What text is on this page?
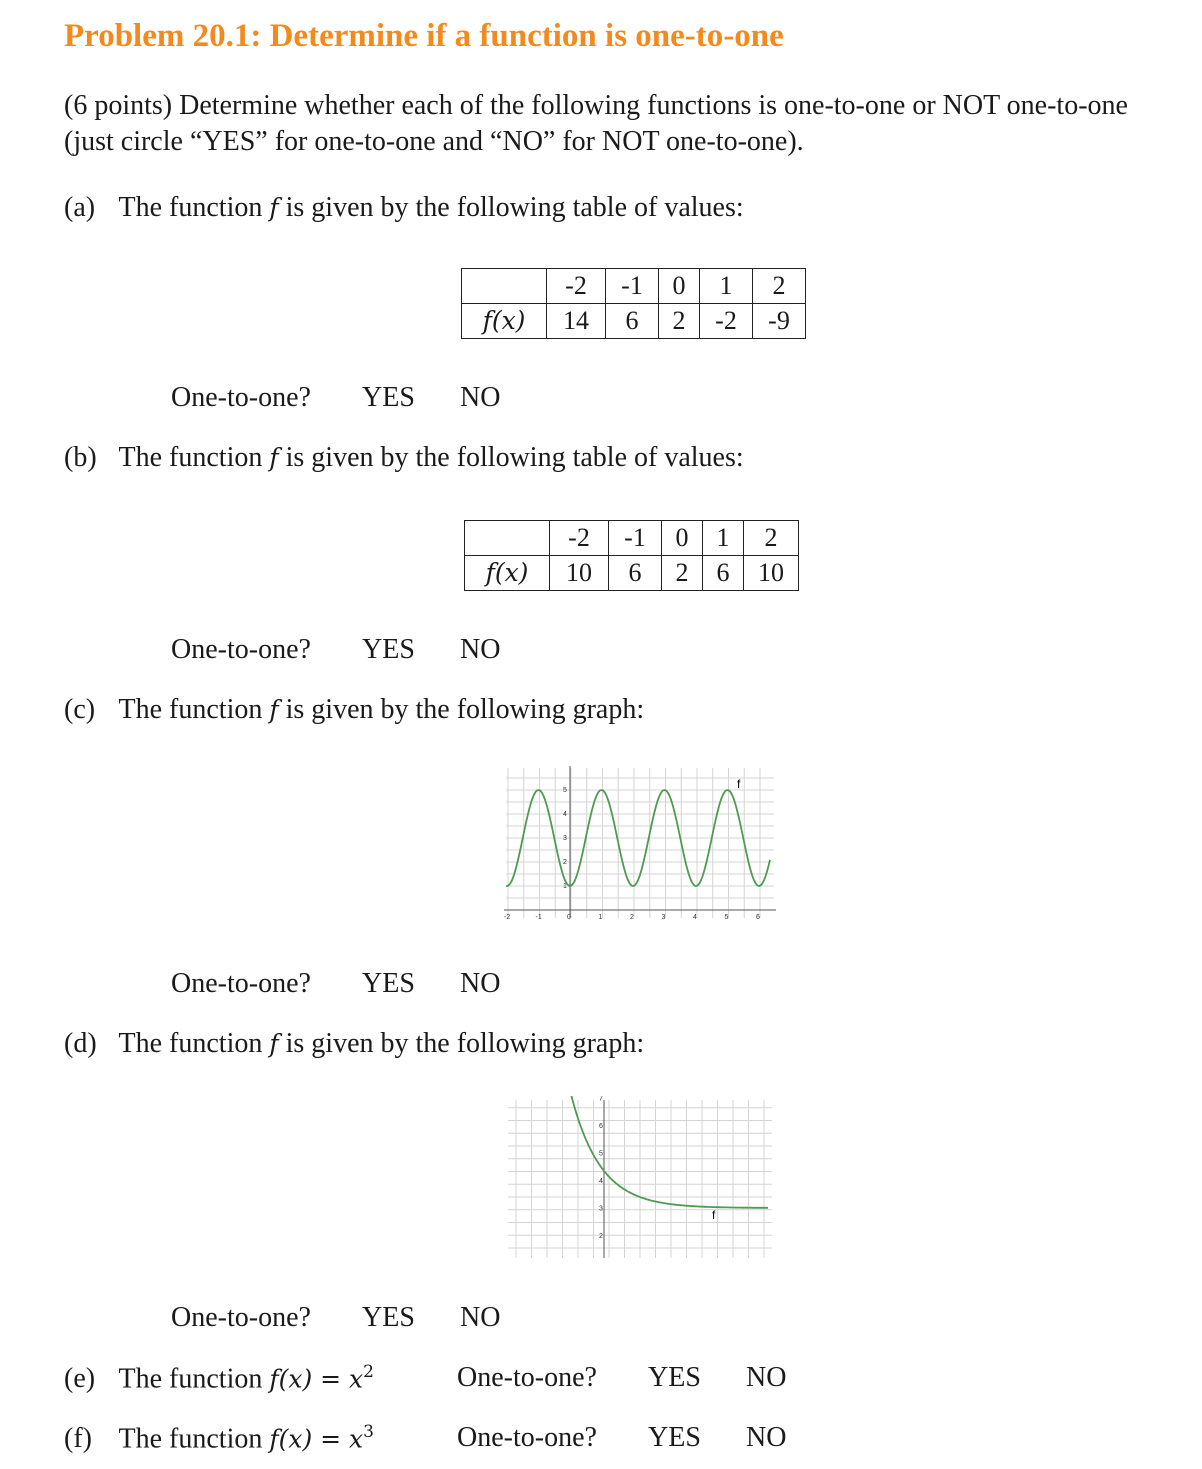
Problem 20.1: Determine if a function is one-to-one
(6 points) Determine whether each of the following functions is one-to-one or NOT one-to-one (just circle “YES” for one-to-one and “NO” for NOT one-to-one).
(a) The function f is given by the following table of values:
	-2	-1	0	1	2
f(x)	14	6	2	-2	-9
One-to-one? YES NO
(b) The function f is given by the following table of values:
	-2	-1	0	1	2
f(x)	10	6	2	6	10
One-to-one? YES NO
(c) The function f is given by the following graph:
f
-2	-1	0	1	2	3	4	5	6
1
2
3
4
5
One-to-one? YES NO
(d) The function f is given by the following graph:
f
2
3
4
5
6
7
One-to-one? YES NO
(e) The function $f(x) = x^2$	One-to-one? YES NO
(f) The function $f(x) = x^3$	One-to-one? YES NO
